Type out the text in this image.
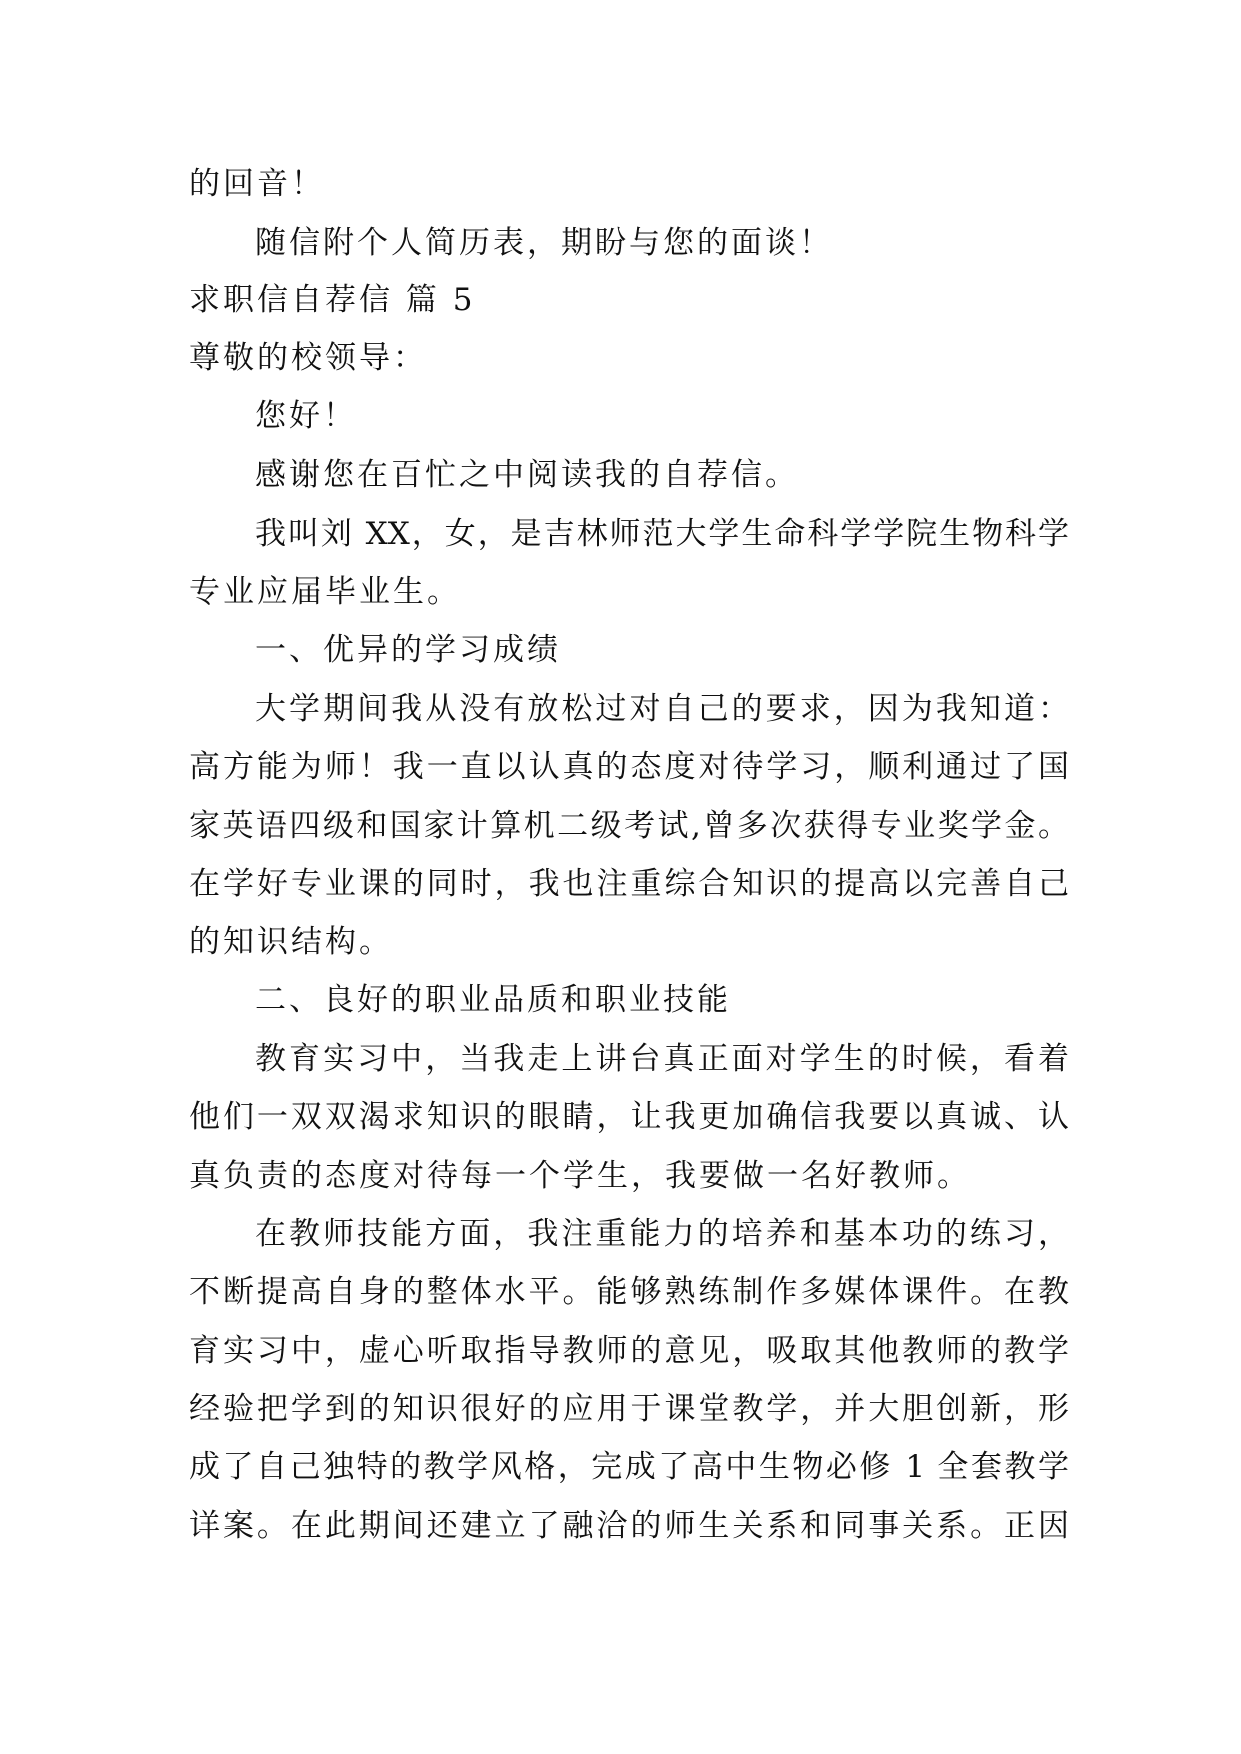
的回音！
随信附个人简历表，期盼与您的面谈！
求职信自荐信 篇 5
尊敬的校领导：
您好！
感谢您在百忙之中阅读我的自荐信。
我叫刘 XX，女，是吉林师范大学生命科学学院生物科学
专业应届毕业生。
一、优异的学习成绩
大学期间我从没有放松过对自己的要求，因为我知道：
高方能为师！我一直以认真的态度对待学习，顺利通过了国
家英语四级和国家计算机二级考试,曾多次获得专业奖学金。
在学好专业课的同时，我也注重综合知识的提高以完善自己
的知识结构。
二、良好的职业品质和职业技能
教育实习中，当我走上讲台真正面对学生的时候，看着
他们一双双渴求知识的眼睛，让我更加确信我要以真诚、认
真负责的态度对待每一个学生，我要做一名好教师。
在教师技能方面，我注重能力的培养和基本功的练习，
不断提高自身的整体水平。能够熟练制作多媒体课件。在教
育实习中，虚心听取指导教师的意见，吸取其他教师的教学
经验把学到的知识很好的应用于课堂教学，并大胆创新，形
成了自己独特的教学风格，完成了高中生物必修 1 全套教学
详案。在此期间还建立了融洽的师生关系和同事关系。正因
